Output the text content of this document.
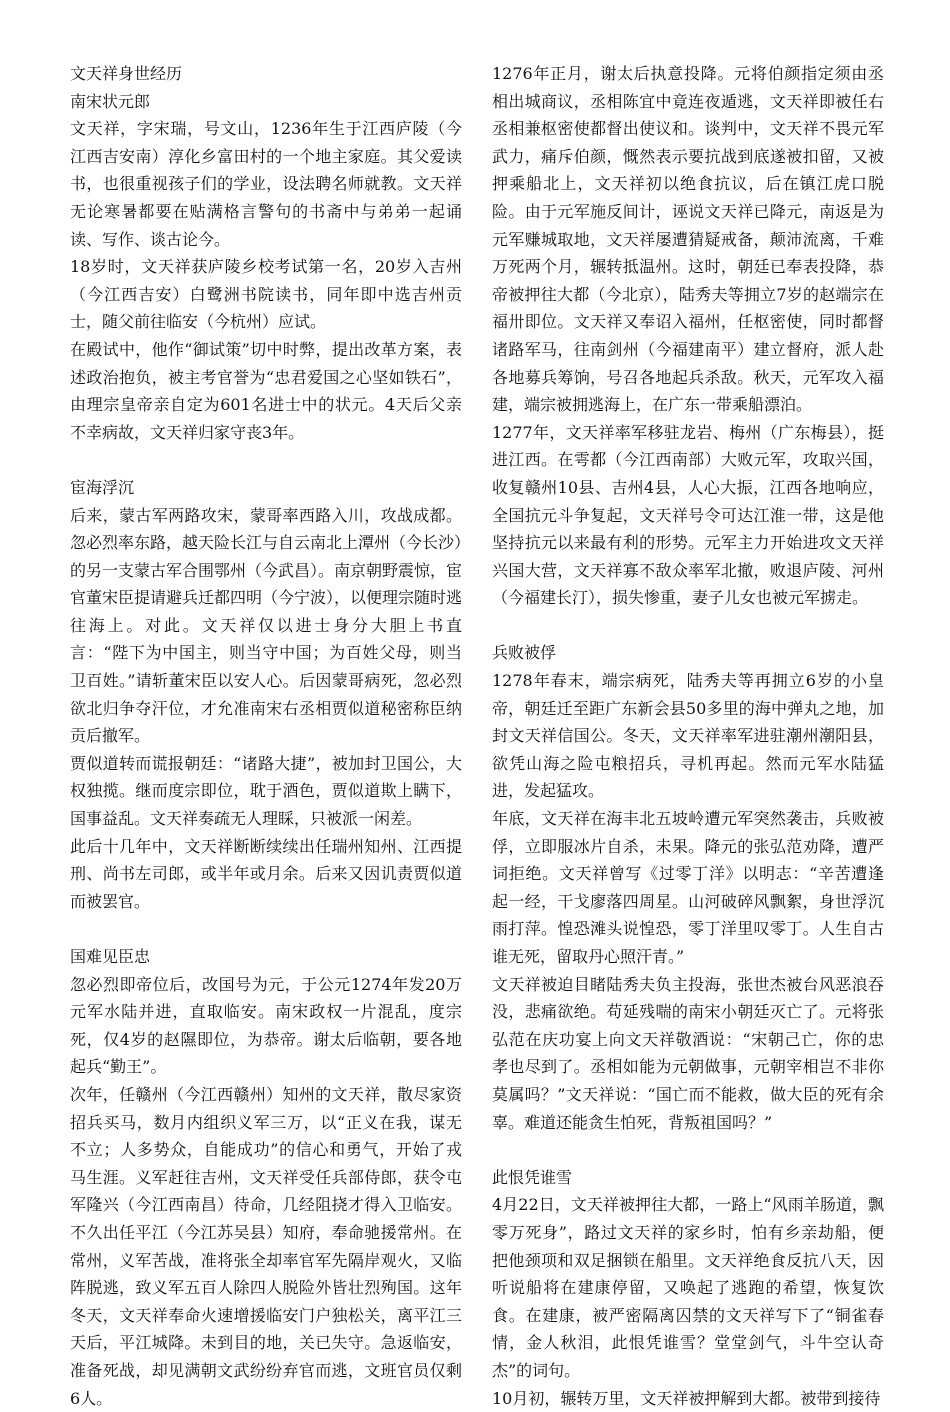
文天祥身世经历

南宋状元郎

文天祥，字宋瑞，号文山，1236年生于江西庐陵（今江西吉安南）淳化乡富田村的一个地主家庭。其父爱读书，也很重视孩子们的学业，设法聘名师就教。文天祥无论寒暑都要在贴满格言警句的书斋中与弟弟一起诵读、写作、谈古论今。

18岁时，文天祥获庐陵乡校考试第一名，20岁入吉州（今江西吉安）白鹭洲书院读书，同年即中选吉州贡士，随父前往临安（今杭州）应试。

在殿试中，他作“御试策”切中时弊，提出改革方案，表述政治抱负，被主考官誉为“忠君爱国之心坚如铁石”，由理宗皇帝亲自定为601名进士中的状元。4天后父亲不幸病故，文天祥归家守丧3年。

宦海浮沉

后来，蒙古军两路攻宋，蒙哥率西路入川，攻战成都。忽必烈率东路，越天险长江与自云南北上潭州（今长沙）的另一支蒙古军合围鄂州（今武昌）。南京朝野震惊，宦官董宋臣提请避兵迁都四明（今宁波），以便理宗随时逃往海上。对此。文天祥仅以进士身分大胆上书直言：“陛下为中国主，则当守中国；为百姓父母，则当卫百姓。”请斩董宋臣以安人心。后因蒙哥病死，忽必烈欲北归争夺汗位，才允准南宋右丞相贾似道秘密称臣纳贡后撤军。

贾似道转而谎报朝廷：“诸路大捷”，被加封卫国公，大权独揽。继而度宗即位，耽于酒色，贾似道欺上瞒下，国事益乱。文天祥奏疏无人理睬，只被派一闲差。

此后十几年中，文天祥断断续续出任瑞州知州、江西提刑、尚书左司郎，或半年或月余。后来又因讥责贾似道而被罢官。

国难见臣忠

忽必烈即帝位后，改国号为元，于公元1274年发20万元军水陆并进，直取临安。南宋政权一片混乱，度宗死，仅4岁的赵隰即位，为恭帝。谢太后临朝，要各地起兵“勤王”。

次年，任赣州（今江西赣州）知州的文天祥，散尽家资招兵买马，数月内组织义军三万，以“正义在我，谋无不立；人多势众，自能成功”的信心和勇气，开始了戎马生涯。义军赶往吉州，文天祥受任兵部侍郎，获令屯军隆兴（今江西南昌）待命，几经阻挠才得入卫临安。不久出任平江（今江苏吴县）知府，奉命驰援常州。在常州，义军苦战，准将张全却率官军先隔岸观火，又临阵脱逃，致义军五百人除四人脱险外皆壮烈殉国。这年冬天，文天祥奉命火速增援临安门户独松关，离平江三天后，平江城降。未到目的地，关已失守。急返临安，准备死战，却见满朝文武纷纷弃官而逃，文班官员仅剩6人。

1276年正月，谢太后执意投降。元将伯颜指定须由丞相出城商议，丞相陈宜中竟连夜遁逃，文天祥即被任右丞相兼枢密使都督出使议和。谈判中，文天祥不畏元军武力，痛斥伯颜，慨然表示要抗战到底遂被扣留，又被押乘船北上，文天祥初以绝食抗议，后在镇江虎口脱险。由于元军施反间计，诬说文天祥已降元，南返是为元军赚城取地，文天祥屡遭猜疑戒备，颠沛流离，千难万死两个月，辗转抵温州。这时，朝廷已奉表投降，恭帝被押往大都（今北京），陆秀夫等拥立7岁的赵端宗在福卅即位。文天祥又奉诏入福州，任枢密使，同时都督诸路军马，往南剑州（今福建南平）建立督府，派人赴各地募兵筹饷，号召各地起兵杀敌。秋天，元军攻入福建，端宗被拥逃海上，在广东一带乘船漂泊。

1277年，文天祥率军移驻龙岩、梅州（广东梅县），挺进江西。在雩都（今江西南部）大败元军，攻取兴国，收复赣州10县、吉州4县，人心大振，江西各地响应，全国抗元斗争复起，文天祥号令可达江淮一带，这是他坚持抗元以来最有利的形势。元军主力开始进攻文天祥兴国大营，文天祥寡不敌众率军北撤，败退庐陵、河州（今福建长汀），损失惨重，妻子儿女也被元军掳走。

兵败被俘

1278年春末，端宗病死，陆秀夫等再拥立6岁的小皇帝，朝廷迁至距广东新会县50多里的海中弹丸之地，加封文天祥信国公。冬天，文天祥率军进驻潮州潮阳县，欲凭山海之险屯粮招兵，寻机再起。然而元军水陆猛进，发起猛攻。

年底，文天祥在海丰北五坡岭遭元军突然袭击，兵败被俘，立即服冰片自杀，未果。降元的张弘范劝降，遭严词拒绝。文天祥曾写《过零丁洋》以明志：“辛苦遭逢起一经，干戈廖落四周星。山河破碎风飘絮，身世浮沉雨打萍。惶恐滩头说惶恐，零丁洋里叹零丁。人生自古谁无死，留取丹心照汗青。”

文天祥被迫目睹陆秀夫负主投海，张世杰被台风恶浪吞没，悲痛欲绝。苟延残喘的南宋小朝廷灭亡了。元将张弘范在庆功宴上向文天祥敬酒说：“宋朝己亡，你的忠孝也尽到了。丞相如能为元朝做事，元朝宰相岂不非你莫属吗？”文天祥说：“国亡而不能救，做大臣的死有余辜。难道还能贪生怕死，背叛祖国吗？”

此恨凭谁雪

4月22日，文天祥被押往大都，一路上“风雨羊肠道，飘零万死身”，路过文天祥的家乡时，怕有乡亲劫船，便把他颈项和双足捆锁在船里。文天祥绝食反抗八天，因听说船将在建康停留，又唤起了逃跑的希望，恢复饮食。在建康，被严密隔离囚禁的文天祥写下了“铜雀春情，金人秋泪，此恨凭谁雪？堂堂剑气，斗牛空认奇杰”的词句。

10月初，辗转万里，文天祥被押解到大都。被带到接待
